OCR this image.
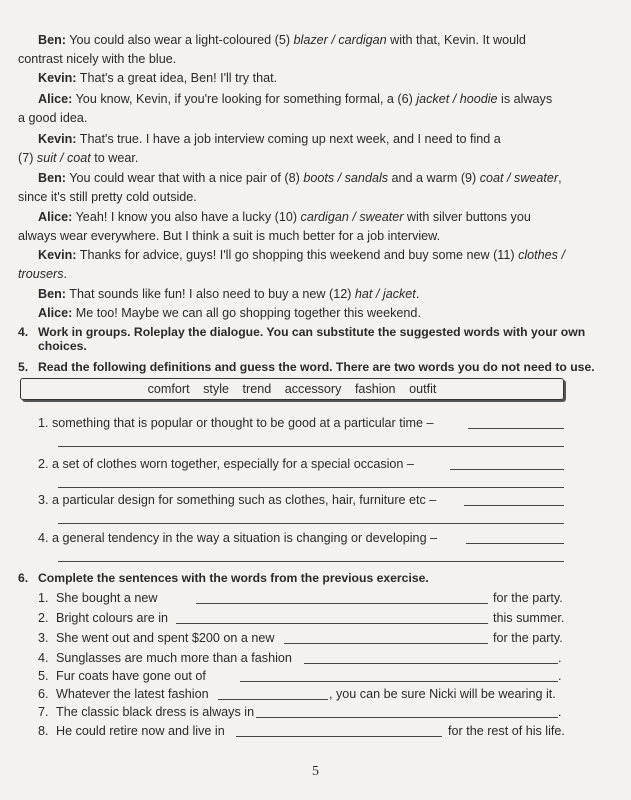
Ben: You could also wear a light-coloured (5) blazer / cardigan with that, Kevin. It would
contrast nicely with the blue.
Kevin: That's a great idea, Ben! I'll try that.
Alice: You know, Kevin, if you're looking for something formal, a (6) jacket / hoodie is always
a good idea.
Kevin: That's true. I have a job interview coming up next week, and I need to find a
(7) suit / coat to wear.
Ben: You could wear that with a nice pair of (8) boots / sandals and a warm (9) coat / sweater,
since it's still pretty cold outside.
Alice: Yeah! I know you also have a lucky (10) cardigan / sweater with silver buttons you
always wear everywhere. But I think a suit is much better for a job interview.
Kevin: Thanks for advice, guys! I'll go shopping this weekend and buy some new (11) clothes /
trousers.
Ben: That sounds like fun! I also need to buy a new (12) hat / jacket.
Alice: Me too! Maybe we can all go shopping together this weekend.
4. Work in groups. Roleplay the dialogue. You can substitute the suggested words with your own
choices.
5. Read the following definitions and guess the word. There are two words you do not need to use.
comfort style trend accessory fashion outfit
1. something that is popular or thought to be good at a particular time –
2. a set of clothes worn together, especially for a special occasion –
3. a particular design for something such as clothes, hair, furniture etc –
4. a general tendency in the way a situation is changing or developing –
6. Complete the sentences with the words from the previous exercise.
1. She bought a new	for the party.
2. Bright colours are in	this summer.
3. She went out and spent $200 on a new	for the party.
4. Sunglasses are much more than a fashion	.
5. Fur coats have gone out of	.
6. Whatever the latest fashion	, you can be sure Nicki will be wearing it.
7. The classic black dress is always in	.
8. He could retire now and live in	for the rest of his life.
5
